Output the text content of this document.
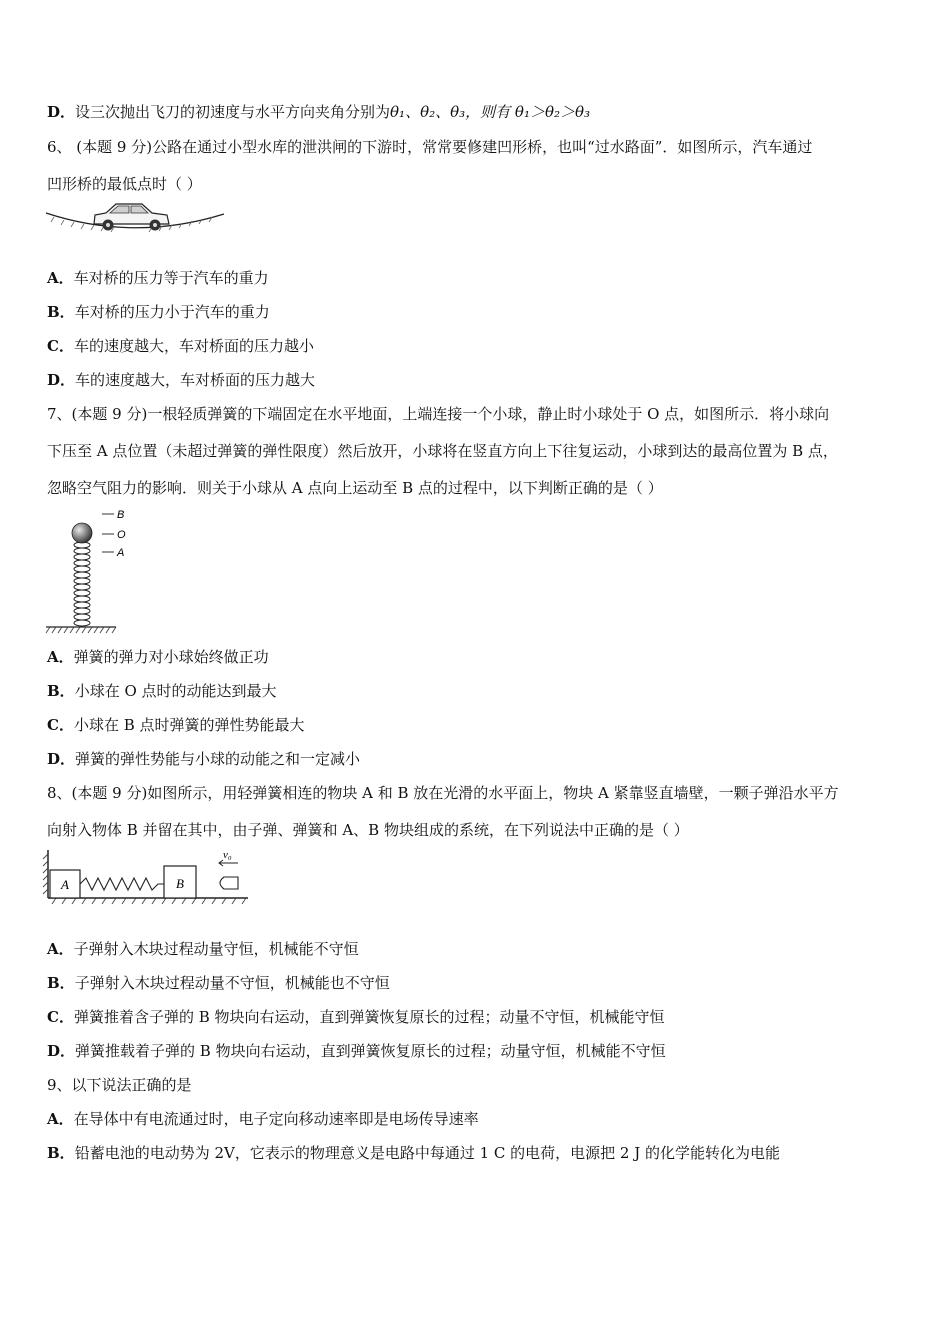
D．设三次抛出飞刀的初速度与水平方向夹角分别为θ₁、θ₂、θ₃，则有 θ₁＞θ₂＞θ₃
6、 (本题 9 分)公路在通过小型水库的泄洪闸的下游时，常常要修建凹形桥，也叫“过水路面”．如图所示，汽车通过
凹形桥的最低点时（ ）
A．车对桥的压力等于汽车的重力
B．车对桥的压力小于汽车的重力
C．车的速度越大，车对桥面的压力越小
D．车的速度越大，车对桥面的压力越大
7、(本题 9 分)一根轻质弹簧的下端固定在水平地面，上端连接一个小球，静止时小球处于 O 点，如图所示．将小球向
下压至 A 点位置（未超过弹簧的弹性限度）然后放开，小球将在竖直方向上下往复运动，小球到达的最高位置为 B 点，
忽略空气阻力的影响．则关于小球从 A 点向上运动至 B 点的过程中，以下判断正确的是（ ）
B
O
A
A．弹簧的弹力对小球始终做正功
B．小球在 O 点时的动能达到最大
C．小球在 B 点时弹簧的弹性势能最大
D．弹簧的弹性势能与小球的动能之和一定减小
8、(本题 9 分)如图所示，用轻弹簧相连的物块 A 和 B 放在光滑的水平面上，物块 A 紧靠竖直墙壁，一颗子弹沿水平方
向射入物体 B 并留在其中，由子弹、弹簧和 A、B 物块组成的系统，在下列说法中正确的是（ ）
A	B
v₀
A．子弹射入木块过程动量守恒，机械能不守恒
B．子弹射入木块过程动量不守恒，机械能也不守恒
C．弹簧推着含子弹的 B 物块向右运动，直到弹簧恢复原长的过程；动量不守恒，机械能守恒
D．弹簧推载着子弹的 B 物块向右运动，直到弹簧恢复原长的过程；动量守恒，机械能不守恒
9、以下说法正确的是
A．在导体中有电流通过时，电子定向移动速率即是电场传导速率
B．铅蓄电池的电动势为 2V，它表示的物理意义是电路中每通过 1 C 的电荷，电源把 2 J 的化学能转化为电能
